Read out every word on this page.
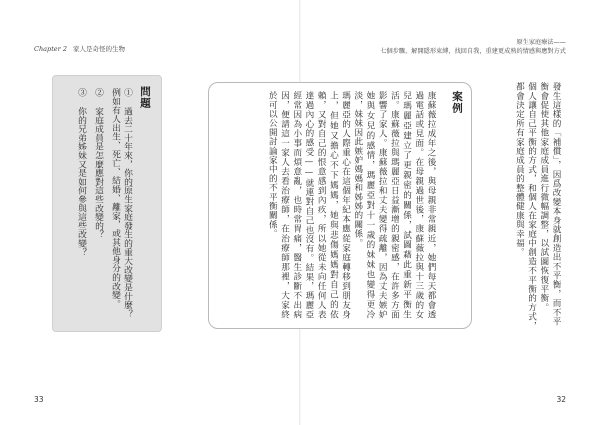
Chapter 2 家人是奇怪的生物
問題
① 過去二十年來，你的原生家庭發生的重大改變是什麼？例如有人出生、死亡、結婚、離家，或其他身分的改變。
② 家庭成員是怎麼應對這些改變的？
③ 你的兄弟姊妹又是如何參與這些改變？
33
案例

康蘇薇拉成年之後，與母親非常親近，她們每天都會透過電話或見面。在母親過世後，康蘇薇拉與十三歲的女兒瑪麗亞建立了更親密的關係，試圖藉此重新平衡生活。康蘇薇拉與瑪麗亞日益漸增的親密感，在許多方面影響了家人。康蘇薇拉和丈夫變得疏離，因為丈夫嫉妒她與女兒的感情，瑪麗亞對十一歲的妹妹也變得更冷淡，妹妹因此嫉妒媽媽和姊姊的關係。

瑪麗亞的人際重心在這個年紀本應從家庭轉移到朋友身上，但她又擔心不下媽媽，她與悲傷媽媽對自己的依賴，又對自己的恨意感到內疚，所以她從未向任何人表達過內心的感受——就連對自己也沒有。結果，瑪麗亞經常因為小事而煩意亂，也時常胃痛，醫生診斷不出病因，便請這一家人去看治療師，在治療師那裡，大家終於可以公開討論家中的不平衡關係。

原生家庭療法——
七個步驟，解開隱形束縛，找回自我，重建更成熟的情感與應對方式

發生這樣的「補償」，因爲改變本身就創造出不平衡，而不平衡會促使其他家庭成員進行微幅調整，以試圖恢復平衡。

個人讓自己平衡的方式，和個人在家庭中創造不平衡的方式，都會決定所有家庭成員的整體健康與幸福。

32
